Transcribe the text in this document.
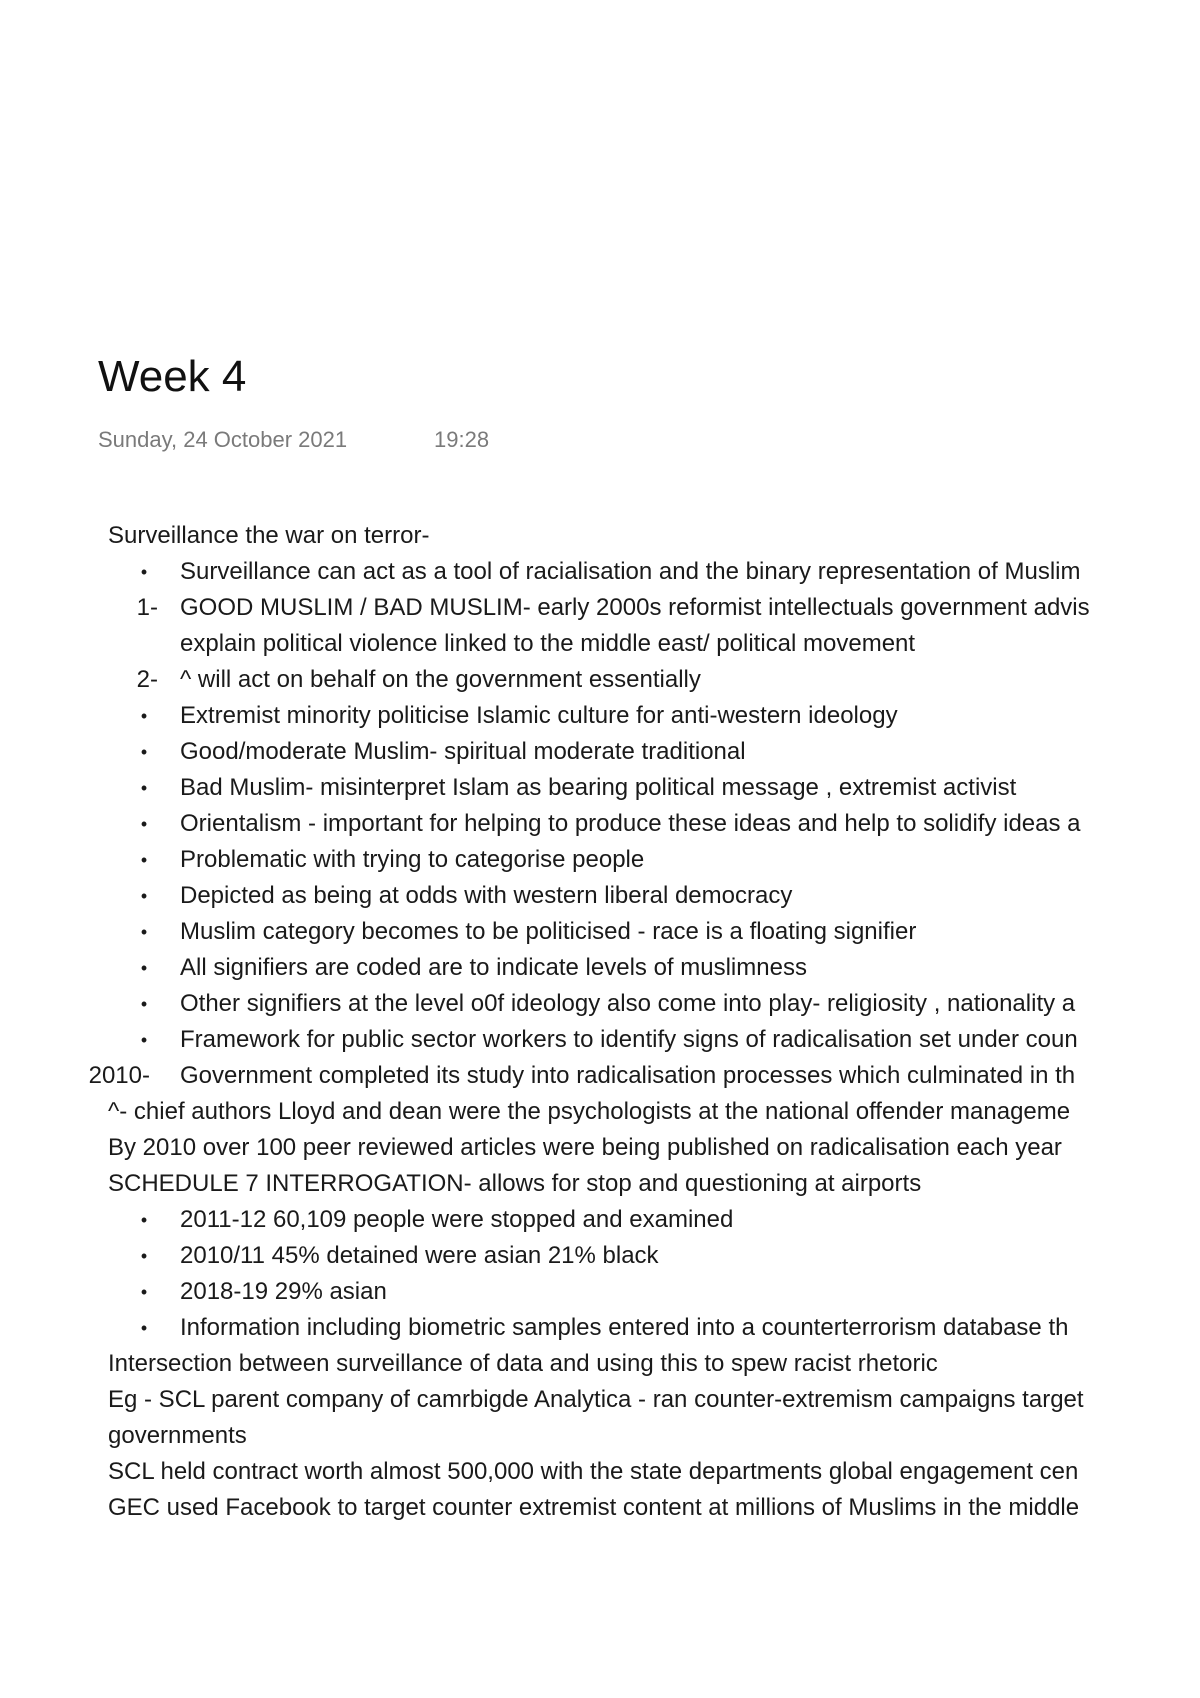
Week 4
Sunday, 24 October 2021	19:28
Surveillance the war on terror-
• Surveillance can act as a tool of racialisation and the binary representation of Muslim
1- GOOD MUSLIM / BAD MUSLIM- early 2000s reformist intellectuals government advis
explain political violence linked to the middle east/ political movement
2- ^ will act on behalf on the government essentially
• Extremist minority politicise Islamic culture for anti-western ideology
• Good/moderate Muslim- spiritual moderate traditional
• Bad Muslim- misinterpret Islam as bearing political message , extremist activist
• Orientalism - important for helping to produce these ideas and help to solidify ideas a
• Problematic with trying to categorise people
• Depicted as being at odds with western liberal democracy
• Muslim category becomes to be politicised - race is a floating signifier
• All signifiers are coded are to indicate levels of muslimness
• Other signifiers at the level o0f ideology also come into play- religiosity , nationality a
• Framework for public sector workers to identify signs of radicalisation set under coun
2010- Government completed its study into radicalisation processes which culminated in th
^- chief authors Lloyd and dean were the psychologists at the national offender manageme
By 2010 over 100 peer reviewed articles were being published on radicalisation each year
SCHEDULE 7 INTERROGATION- allows for stop and questioning at airports
• 2011-12 60,109 people were stopped and examined
• 2010/11 45% detained were asian 21% black
• 2018-19 29% asian
• Information including biometric samples entered into a counterterrorism database th
Intersection between surveillance of data and using this to spew racist rhetoric
Eg - SCL parent company of camrbigde Analytica - ran counter-extremism campaigns target
governments
SCL held contract worth almost 500,000 with the state departments global engagement cen
GEC used Facebook to target counter extremist content at millions of Muslims in the middle
